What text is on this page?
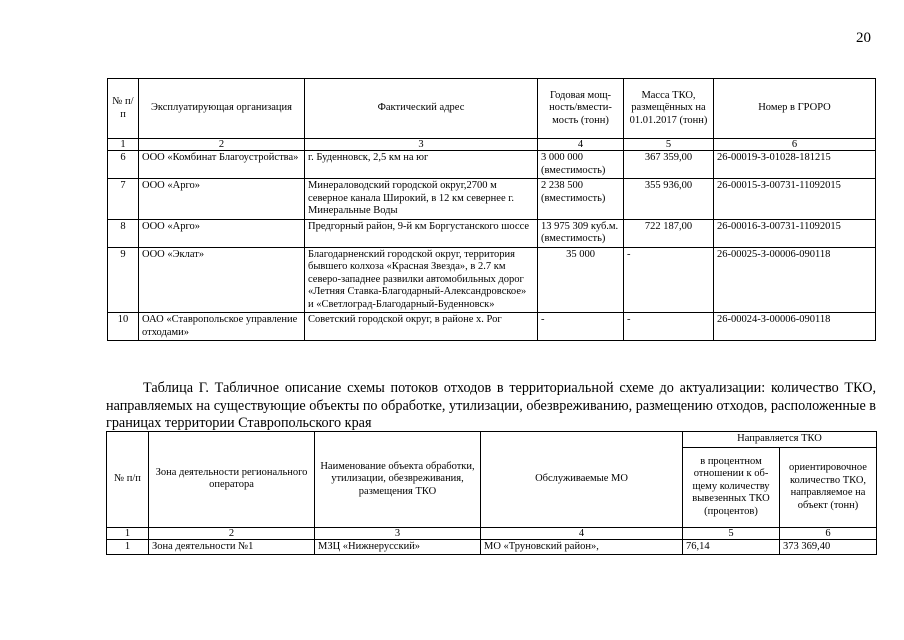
20
№ п/п	Эксплуатирующая организация	Фактический адрес	Годовая мощность/вместимость (тонн)	Масса ТКО, размещённых на 01.01.2017 (тонн)	Номер в ГРОРО
1	2	3	4	5	6
6	ООО «Комбинат Благоустройства»	г. Буденновск, 2,5 км на юг	3 000 000 (вместимость)	367 359,00	26-00019-З-01028-181215
7	ООО «Арго»	Минераловодский городской округ,2700 м северное канала Широкий, в 12 км севернее г. Минеральные Воды	2 238 500 (вместимость)	355 936,00	26-00015-З-00731-11092015
8	ООО «Арго»	Предгорный район, 9-й км Боргустанского шоссе	13 975 309 куб.м. (вместимость)	722 187,00	26-00016-З-00731-11092015
9	ООО «Эклат»	Благодарненский городской округ, территория бывшего колхоза «Красная Звезда», в 2.7 км северо-западнее развилки автомобильных дорог «Летняя Ставка-Благодарный-Александровское» и «Светлоград-Благодарный-Буденновск»	35 000	-	26-00025-З-00006-090118
10	ОАО «Ставропольское управление отходами»	Советский городской округ, в районе х. Рог	-	-	26-00024-З-00006-090118

Таблица Г. Табличное описание схемы потоков отходов в территориальной схеме до актуализации: количество ТКО, направляемых на существующие объекты по обработке, утилизации, обезвреживанию, размещению отходов, расположенные в границах территории Ставропольского края

№ п/п	Зона деятельности регионального оператора	Наименование объекта обработки, утилизации, обезвреживания, размещения ТКО	Обслуживаемые МО	Направляется ТКО	
				в процентном отношении к общему количеству вывезенных ТКО (процентов)	ориентировочное количество ТКО, направляемое на объект (тонн)
1	2	3	4	5	6
1	Зона деятельности №1	МЗЦ «Нижнерусский»	МО «Труновский район»,	76,14	373 369,40
